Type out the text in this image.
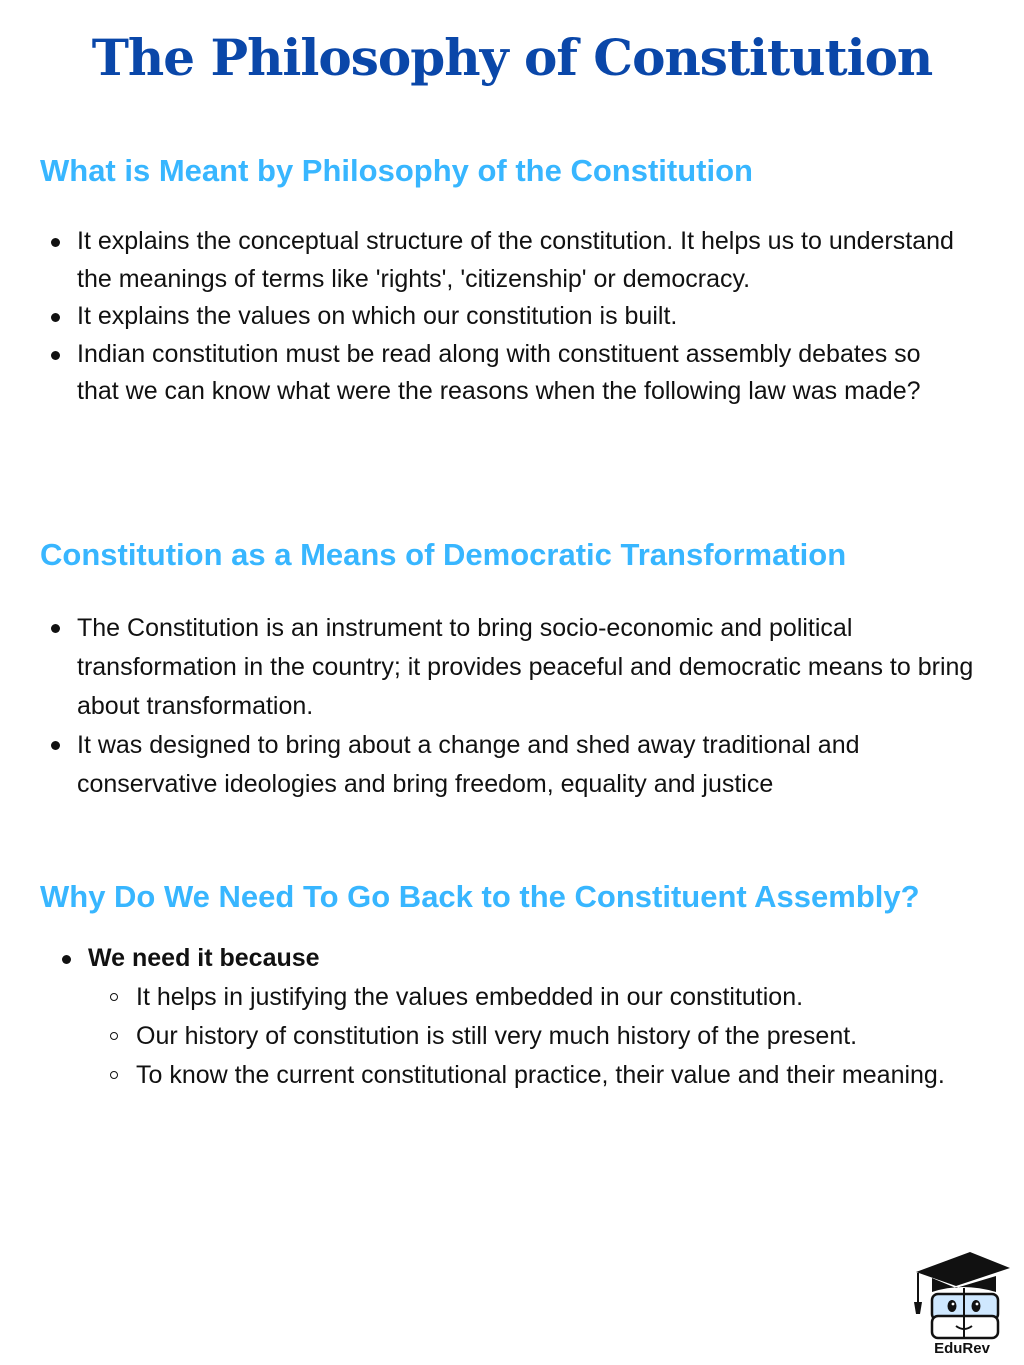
The Philosophy of Constitution
What is Meant by Philosophy of the Constitution
It explains the conceptual structure of the constitution. It helps us to understand the meanings of terms like 'rights', 'citizenship' or democracy.
It explains the values on which our constitution is built.
Indian constitution must be read along with constituent assembly debates so that we can know what were the reasons when the following law was made?
Constitution as a Means of Democratic Transformation
The Constitution is an instrument to bring socio-economic and political transformation in the country; it provides peaceful and democratic means to bring about transformation.
It was designed to bring about a change and shed away traditional and conservative ideologies and bring freedom, equality and justice
Why Do We Need To Go Back to the Constituent Assembly?
We need it because
It helps in justifying the values embedded in our constitution.
Our history of constitution is still very much history of the present.
To know the current constitutional practice, their value and their meaning.
EduRev
